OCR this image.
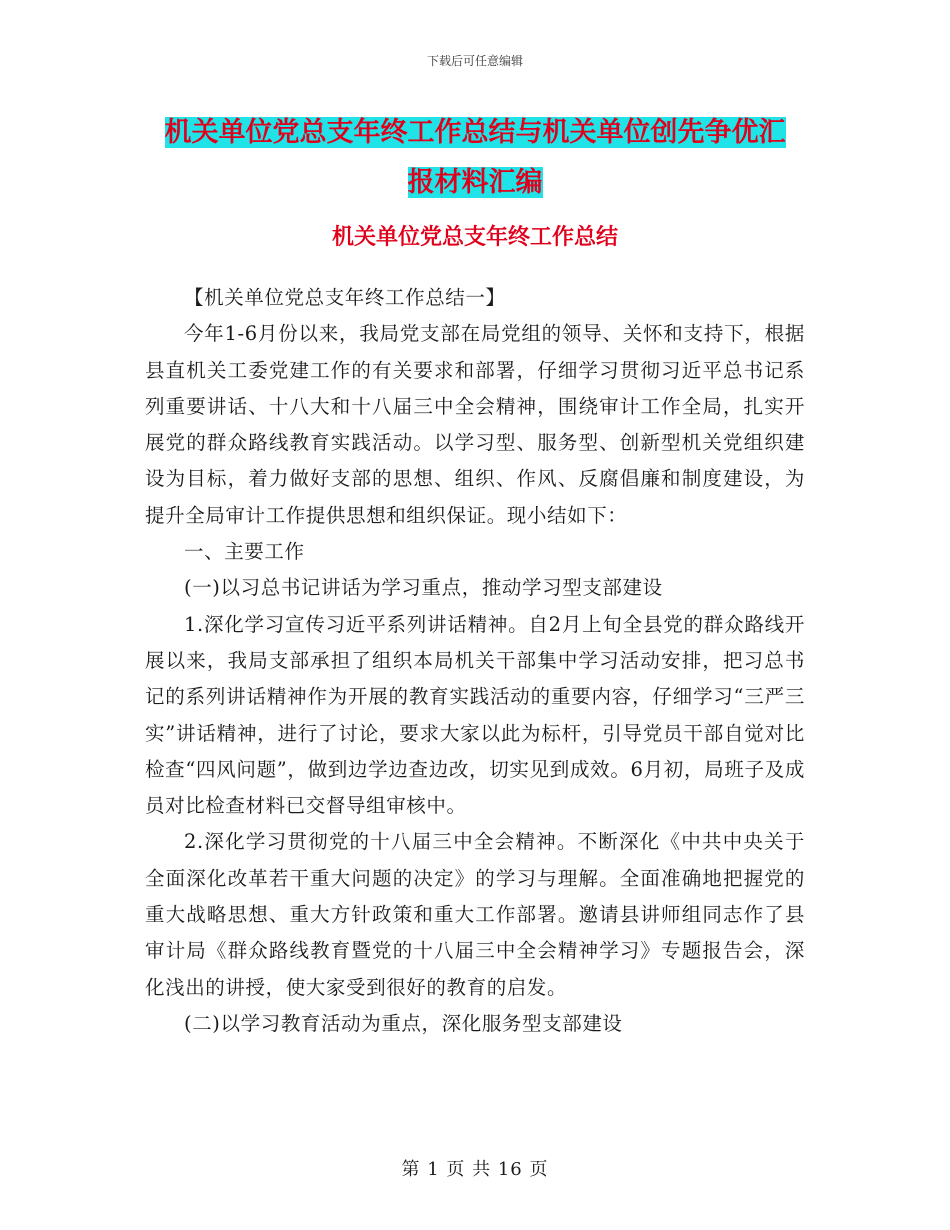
下载后可任意编辑
机关单位党总支年终工作总结与机关单位创先争优汇
报材料汇编
机关单位党总支年终工作总结

【机关单位党总支年终工作总结一】

今年1-6月份以来，我局党支部在局党组的领导、关怀和支持下，根据县直机关工委党建工作的有关要求和部署，仔细学习贯彻习近平总书记系列重要讲话、十八大和十八届三中全会精神，围绕审计工作全局，扎实开展党的群众路线教育实践活动。以学习型、服务型、创新型机关党组织建设为目标，着力做好支部的思想、组织、作风、反腐倡廉和制度建设，为提升全局审计工作提供思想和组织保证。现小结如下：

一、主要工作

(一)以习总书记讲话为学习重点，推动学习型支部建设

1.深化学习宣传习近平系列讲话精神。自2月上旬全县党的群众路线开展以来，我局支部承担了组织本局机关干部集中学习活动安排，把习总书记的系列讲话精神作为开展的教育实践活动的重要内容，仔细学习“三严三实”讲话精神，进行了讨论，要求大家以此为标杆，引导党员干部自觉对比检查“四风问题”，做到边学边查边改，切实见到成效。6月初，局班子及成员对比检查材料已交督导组审核中。

2.深化学习贯彻党的十八届三中全会精神。不断深化《中共中央关于全面深化改革若干重大问题的决定》的学习与理解。全面准确地把握党的重大战略思想、重大方针政策和重大工作部署。邀请县讲师组同志作了县审计局《群众路线教育暨党的十八届三中全会精神学习》专题报告会，深化浅出的讲授，使大家受到很好的教育的启发。

(二)以学习教育活动为重点，深化服务型支部建设

第 1 页 共 16 页
